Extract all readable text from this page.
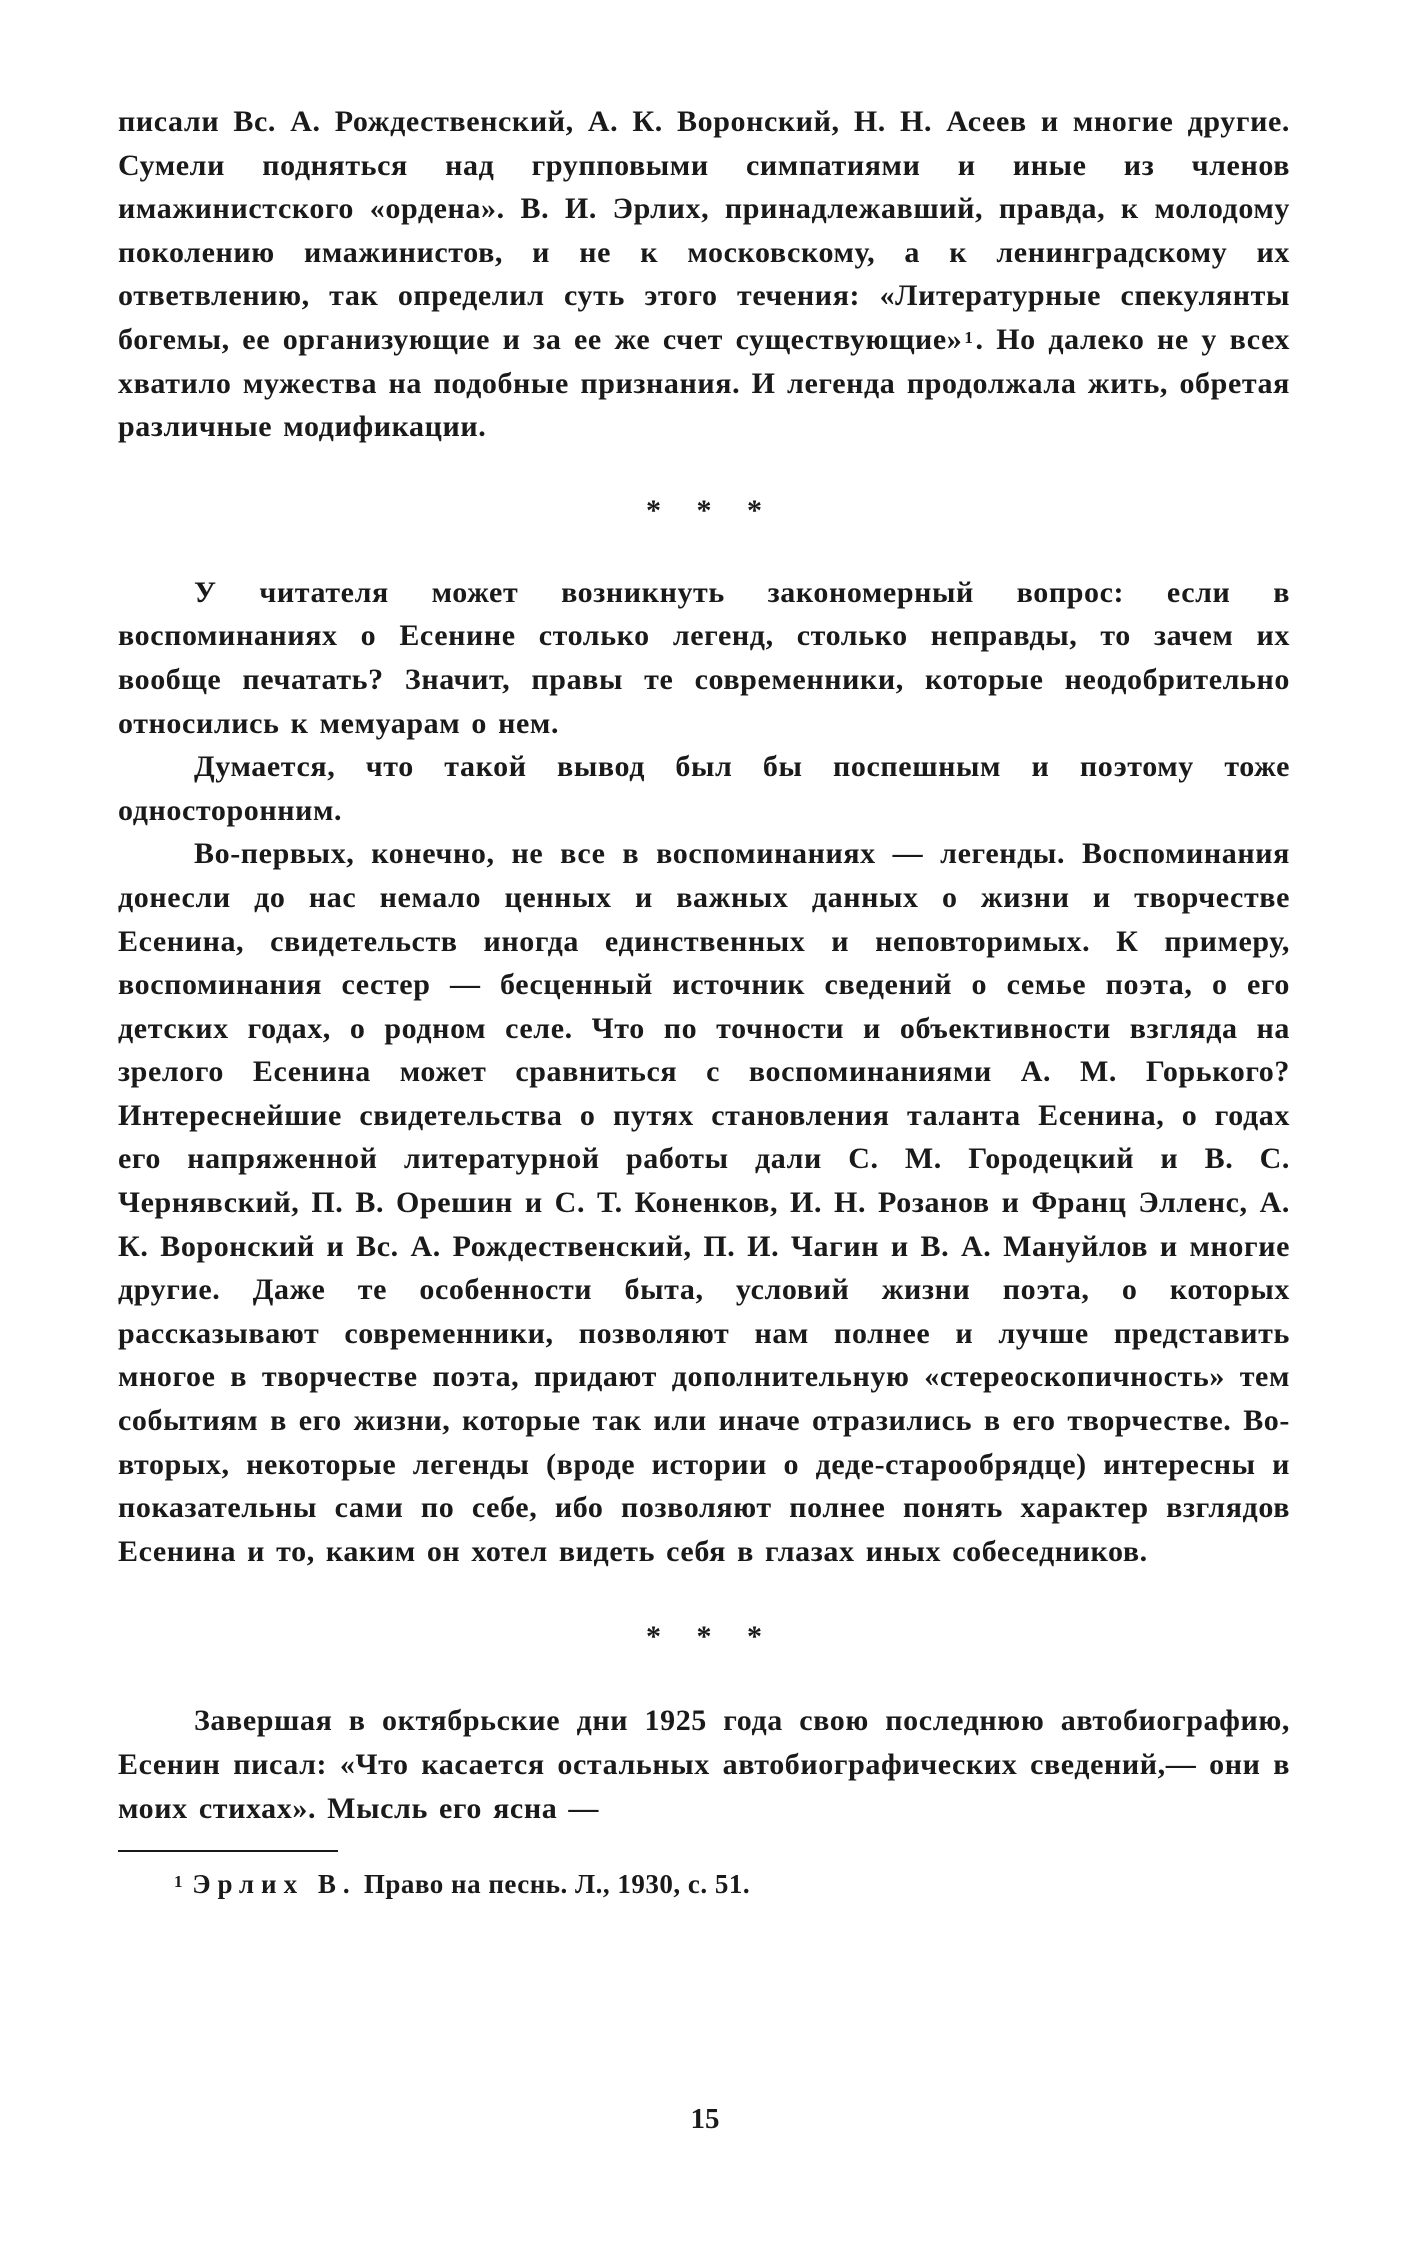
писали Вс. А. Рождественский, А. К. Воронский, Н. Н. Асеев и многие другие. Сумели подняться над групповыми симпатиями и иные из членов имажинистского «ордена». В. И. Эрлих, принадлежавший, правда, к молодому поколению имажинистов, и не к московскому, а к ленинградскому их ответвлению, так определил суть этого течения: «Литературные спекулянты богемы, ее организующие и за ее же счет существующие» $^1$. Но далеко не у всех хватило мужества на подобные признания. И легенда продолжала жить, обретая различные модификации.

* * *

У читателя может возникнуть закономерный вопрос: если в воспоминаниях о Есенине столько легенд, столько неправды, то зачем их вообще печатать? Значит, правы те современники, которые неодобрительно относились к мемуарам о нем.

Думается, что такой вывод был бы поспешным и поэтому тоже односторонним.

Во-первых, конечно, не все в воспоминаниях — легенды. Воспоминания донесли до нас немало ценных и важных данных о жизни и творчестве Есенина, свидетельств иногда единственных и неповторимых. К примеру, воспоминания сестер — бесценный источник сведений о семье поэта, о его детских годах, о родном селе. Что по точности и объективности взгляда на зрелого Есенина может сравниться с воспоминаниями А. М. Горького? Интереснейшие свидетельства о путях становления таланта Есенина, о годах его напряженной литературной работы дали С. М. Городецкий и В. С. Чернявский, П. В. Орешин и С. Т. Коненков, И. Н. Розанов и Франц Элленс, А. К. Воронский и Вс. А. Рождественский, П. И. Чагин и В. А. Мануйлов и многие другие. Даже те особенности быта, условий жизни поэта, о которых рассказывают современники, позволяют нам полнее и лучше представить многое в творчестве поэта, придают дополнительную «стереоскопичность» тем событиям в его жизни, которые так или иначе отразились в его творчестве. Во-вторых, некоторые легенды (вроде истории о деде-старообрядце) интересны и показательны сами по себе, ибо позволяют полнее понять характер взглядов Есенина и то, каким он хотел видеть себя в глазах иных собеседников.

* * *

Завершая в октябрьские дни 1925 года свою последнюю автобиографию, Есенин писал: «Что касается остальных автобиографических сведений,— они в моих стихах». Мысль его ясна —

$^1$ Эрлих В. Право на песнь. Л., 1930, с. 51.

15
